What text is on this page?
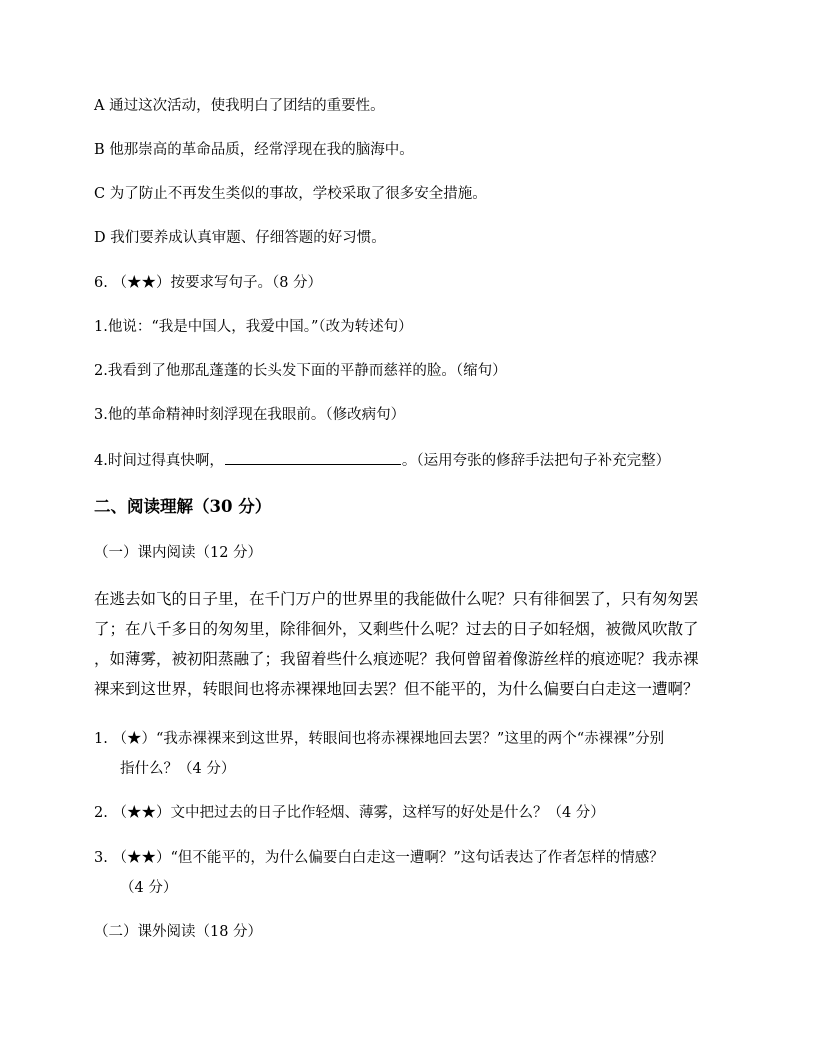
A 通过这次活动，使我明白了团结的重要性。
B 他那崇高的革命品质，经常浮现在我的脑海中。
C 为了防止不再发生类似的事故，学校采取了很多安全措施。
D 我们要养成认真审题、仔细答题的好习惯。
6. （★★）按要求写句子。（8 分）
1.他说：“我是中国人，我爱中国。”（改为转述句）
2.我看到了他那乱蓬蓬的长头发下面的平静而慈祥的脸。（缩句）
3.他的革命精神时刻浮现在我眼前。（修改病句）
4.时间过得真快啊，	。（运用夸张的修辞手法把句子补充完整）
二、阅读理解（30 分）
（一）课内阅读（12 分）
在逃去如飞的日子里，在千门万户的世界里的我能做什么呢？只有徘徊罢了，只有匆匆罢
了；在八千多日的匆匆里，除徘徊外，又剩些什么呢？过去的日子如轻烟，被微风吹散了
，如薄雾，被初阳蒸融了；我留着些什么痕迹呢？我何曾留着像游丝样的痕迹呢？我赤裸
裸来到这世界，转眼间也将赤裸裸地回去罢？但不能平的，为什么偏要白白走这一遭啊？
1. （★）“我赤裸裸来到这世界，转眼间也将赤裸裸地回去罢？”这里的两个“赤裸裸”分别
指什么？（4 分）
2. （★★）文中把过去的日子比作轻烟、薄雾，这样写的好处是什么？（4 分）
3. （★★）“但不能平的，为什么偏要白白走这一遭啊？”这句话表达了作者怎样的情感？
（4 分）
（二）课外阅读（18 分）
